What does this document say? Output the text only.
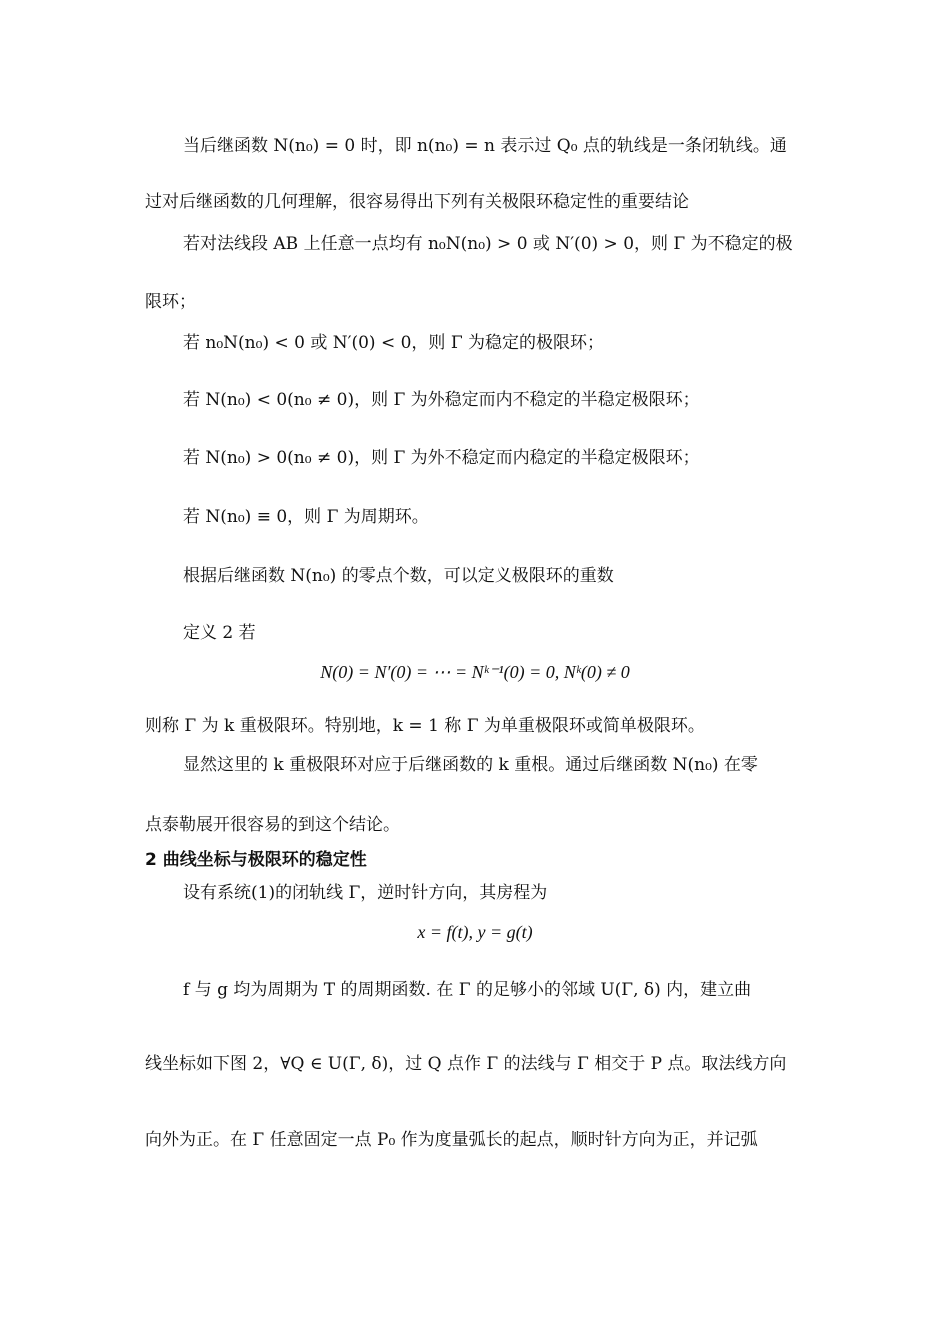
当后继函数 N(n₀) = 0 时，即 n(n₀) = n 表示过 Q₀ 点的轨线是一条闭轨线。通
过对后继函数的几何理解，很容易得出下列有关极限环稳定性的重要结论
若对法线段 AB 上任意一点均有 n₀N(n₀) > 0 或 N′(0) > 0，则 Γ 为不稳定的极
限环；
若 n₀N(n₀) < 0 或 N′(0) < 0，则 Γ 为稳定的极限环；
若 N(n₀) < 0(n₀ ≠ 0)，则 Γ 为外稳定而内不稳定的半稳定极限环；
若 N(n₀) > 0(n₀ ≠ 0)，则 Γ 为外不稳定而内稳定的半稳定极限环；
若 N(n₀) ≡ 0，则 Γ 为周期环。
根据后继函数 N(n₀) 的零点个数，可以定义极限环的重数
定义 2 若
N(0) = N′(0) = ⋯ = Nᵏ⁻¹(0) = 0, Nᵏ(0) ≠ 0
则称 Γ 为 k 重极限环。特别地，k = 1 称 Γ 为单重极限环或简单极限环。
显然这里的 k 重极限环对应于后继函数的 k 重根。通过后继函数 N(n₀) 在零
点泰勒展开很容易的到这个结论。
2 曲线坐标与极限环的稳定性
设有系统(1)的闭轨线 Γ，逆时针方向，其房程为
x = f(t), y = g(t)
f 与 g 均为周期为 T 的周期函数. 在 Γ 的足够小的邻域 U(Γ, δ) 内，建立曲
线坐标如下图 2，∀Q ∈ U(Γ, δ)，过 Q 点作 Γ 的法线与 Γ 相交于 P 点。取法线方向
向外为正。在 Γ 任意固定一点 P₀ 作为度量弧长的起点，顺时针方向为正，并记弧
